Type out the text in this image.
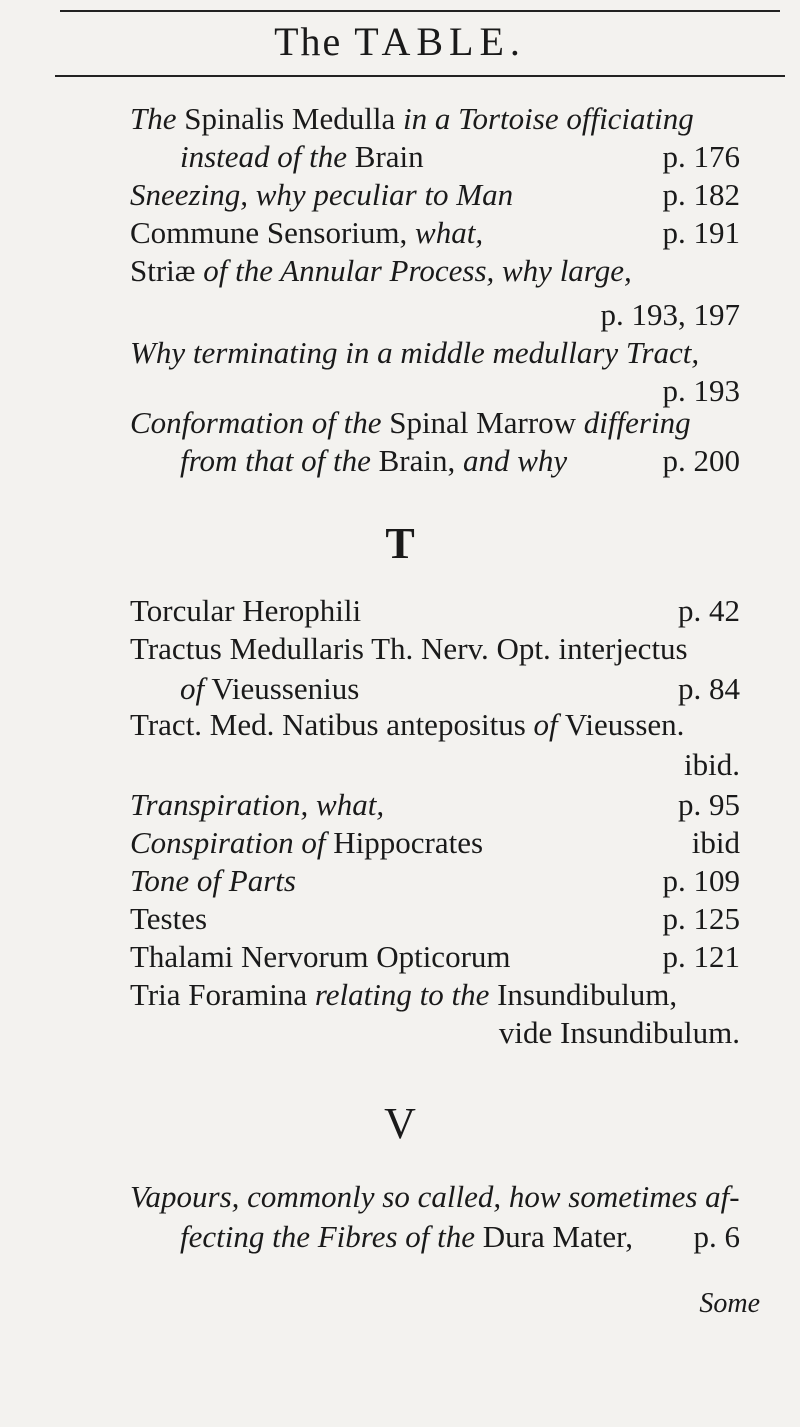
The TABLE.
The Spinalis Medulla in a Tortoise officiating
instead of the Brain	p. 176
Sneezing, why peculiar to Man	p. 182
Commune Sensorium, what,	p. 191
Striæ of the Annular Process, why large,
p. 193, 197
Why terminating in a middle medullary Tract,
p. 193
Conformation of the Spinal Marrow differing
from that of the Brain, and why	p. 200
T
Torcular Herophili	p. 42
Tractus Medullaris Th. Nerv. Opt. interjectus
of Vieussenius	p. 84
Tract. Med. Natibus antepositus of Vieussen.
ibid.
Transpiration, what,	p. 95
Conspiration of Hippocrates	ibid
Tone of Parts	p. 109
Testes	p. 125
Thalami Nervorum Opticorum	p. 121
Tria Foramina relating to the Insundibulum,
vide Insundibulum.
V
Vapours, commonly so called, how sometimes af-
fecting the Fibres of the Dura Mater, p. 6
Some
